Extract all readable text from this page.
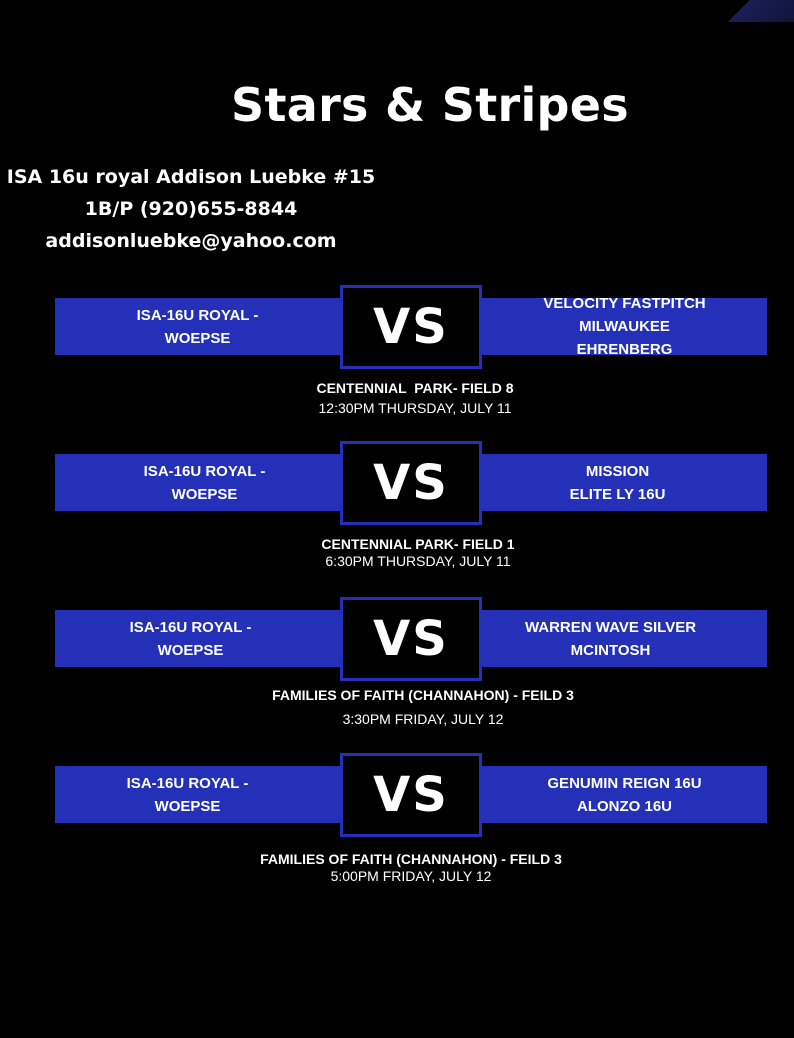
Stars & Stripes
ISA 16u royal Addison Luebke #15
1B/P (920)655-8844
addisonluebke@yahoo.com
ISA-16U ROYAL -
WOEPSE
VELOCITY FASTPITCH
MILWAUKEE
EHRENBERG
VS
CENTENNIAL  PARK- FIELD 8
12:30PM THURSDAY, JULY 11
ISA-16U ROYAL -
WOEPSE
MISSION
ELITE LY 16U
VS
CENTENNIAL PARK- FIELD 1
6:30PM THURSDAY, JULY 11
ISA-16U ROYAL -
WOEPSE
WARREN WAVE SILVER
MCINTOSH
VS
FAMILIES OF FAITH (CHANNAHON) - FEILD 3
3:30PM FRIDAY, JULY 12
ISA-16U ROYAL -
WOEPSE
GENUMIN REIGN 16U
ALONZO 16U
VS
FAMILIES OF FAITH (CHANNAHON) - FEILD 3
5:00PM FRIDAY, JULY 12
